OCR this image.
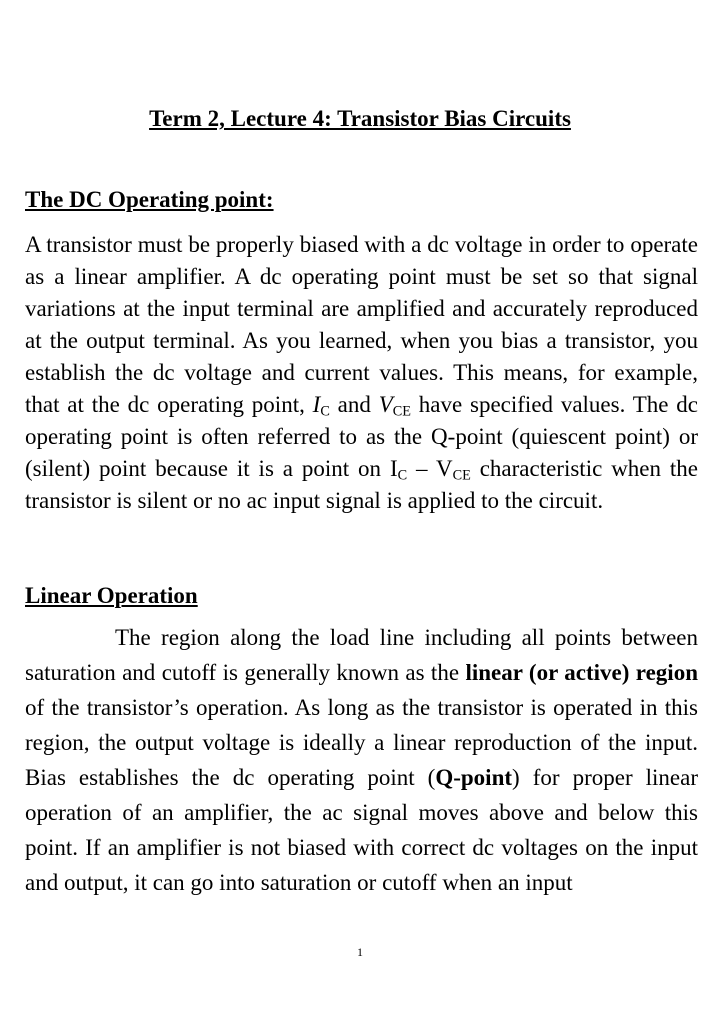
Term 2, Lecture 4: Transistor Bias Circuits
The DC Operating point:
A transistor must be properly biased with a dc voltage in order to operate as a linear amplifier. A dc operating point must be set so that signal variations at the input terminal are amplified and accurately reproduced at the output terminal. As you learned, when you bias a transistor, you establish the dc voltage and current values. This means, for example, that at the dc operating point, $I_C$ and $V_{CE}$ have specified values. The dc operating point is often referred to as the Q-point (quiescent point) or (silent) point because it is a point on $I_C - V_{CE}$ characteristic when the transistor is silent or no ac input signal is applied to the circuit.
Linear Operation
The region along the load line including all points between saturation and cutoff is generally known as the linear (or active) region of the transistor’s operation. As long as the transistor is operated in this region, the output voltage is ideally a linear reproduction of the input. Bias establishes the dc operating point (Q-point) for proper linear operation of an amplifier, the ac signal moves above and below this point. If an amplifier is not biased with correct dc voltages on the input and output, it can go into saturation or cutoff when an input
1
